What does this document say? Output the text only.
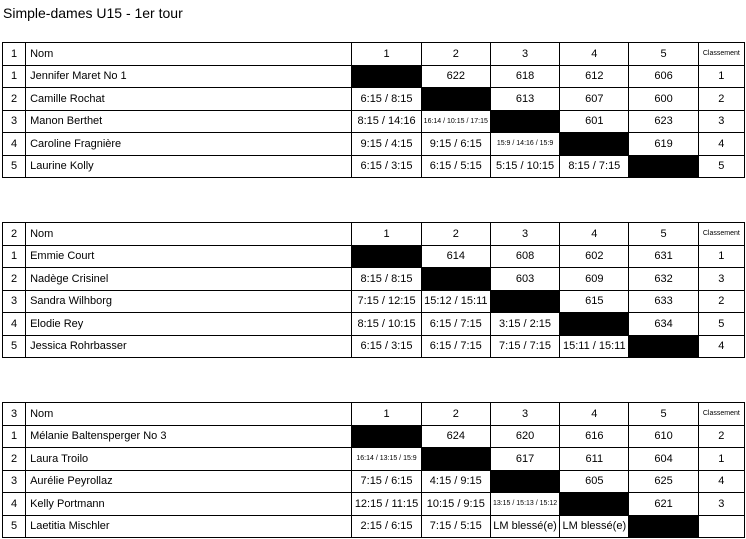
Simple-dames U15 - 1er tour
1	Nom	1	2	3	4	5	Classement
1	Jennifer Maret No 1		622	618	612	606	1
2	Camille Rochat	6:15 / 8:15		613	607	600	2
3	Manon Berthet	8:15 / 14:16	16:14 / 10:15 / 17:15		601	623	3
4	Caroline Fragnière	9:15 / 4:15	9:15 / 6:15	15:9 / 14:16 / 15:9		619	4
5	Laurine Kolly	6:15 / 3:15	6:15 / 5:15	5:15 / 10:15	8:15 / 7:15		5
2	Nom	1	2	3	4	5	Classement
1	Emmie Court		614	608	602	631	1
2	Nadège Crisinel	8:15 / 8:15		603	609	632	3
3	Sandra Wilhborg	7:15 / 12:15	15:12 / 15:11		615	633	2
4	Elodie Rey	8:15 / 10:15	6:15 / 7:15	3:15 / 2:15		634	5
5	Jessica Rohrbasser	6:15 / 3:15	6:15 / 7:15	7:15 / 7:15	15:11 / 15:11		4
3	Nom	1	2	3	4	5	Classement
1	Mélanie Baltensperger No 3		624	620	616	610	2
2	Laura Troilo	16:14 / 13:15 / 15:9		617	611	604	1
3	Aurélie Peyrollaz	7:15 / 6:15	4:15 / 9:15		605	625	4
4	Kelly Portmann	12:15 / 11:15	10:15 / 9:15	13:15 / 15:13 / 15:12		621	3
5	Laetitia Mischler	2:15 / 6:15	7:15 / 5:15	LM blessé(e)	LM blessé(e)		
